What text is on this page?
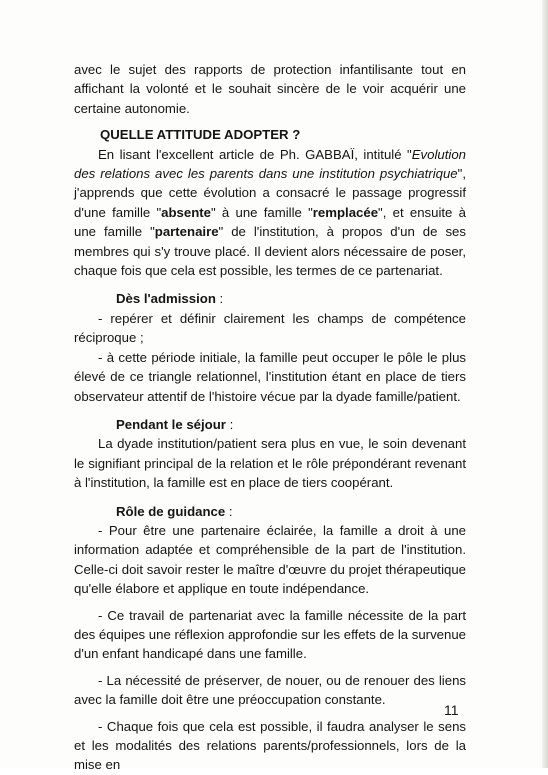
avec le sujet des rapports de protection infantilisante tout en affichant la volonté et le souhait sincère de le voir acquérir une certaine autonomie.

QUELLE ATTITUDE ADOPTER ?

En lisant l'excellent article de Ph. GABBAÏ, intitulé "Evolution des relations avec les parents dans une institution psychiatrique", j'apprends que cette évolution a consacré le passage progressif d'une famille "absente" à une famille "remplacée", et ensuite à une famille "partenaire" de l'institution, à propos d'un de ses membres qui s'y trouve placé. Il devient alors nécessaire de poser, chaque fois que cela est possible, les termes de ce partenariat.

Dès l'admission :

- repérer et définir clairement les champs de compétence réciproque ;

- à cette période initiale, la famille peut occuper le pôle le plus élevé de ce triangle relationnel, l'institution étant en place de tiers observateur attentif de l'histoire vécue par la dyade famille/patient.

Pendant le séjour :

La dyade institution/patient sera plus en vue, le soin devenant le signifiant principal de la relation et le rôle prépondérant revenant à l'institution, la famille est en place de tiers coopérant.

Rôle de guidance :

- Pour être une partenaire éclairée, la famille a droit à une information adaptée et compréhensible de la part de l'institution. Celle-ci doit savoir rester le maître d'œuvre du projet thérapeutique qu'elle élabore et applique en toute indépendance.

- Ce travail de partenariat avec la famille nécessite de la part des équipes une réflexion approfondie sur les effets de la survenue d'un enfant handicapé dans une famille.

- La nécessité de préserver, de nouer, ou de renouer des liens avec la famille doit être une préoccupation constante.

- Chaque fois que cela est possible, il faudra analyser le sens et les modalités des relations parents/professionnels, lors de la mise en

11
